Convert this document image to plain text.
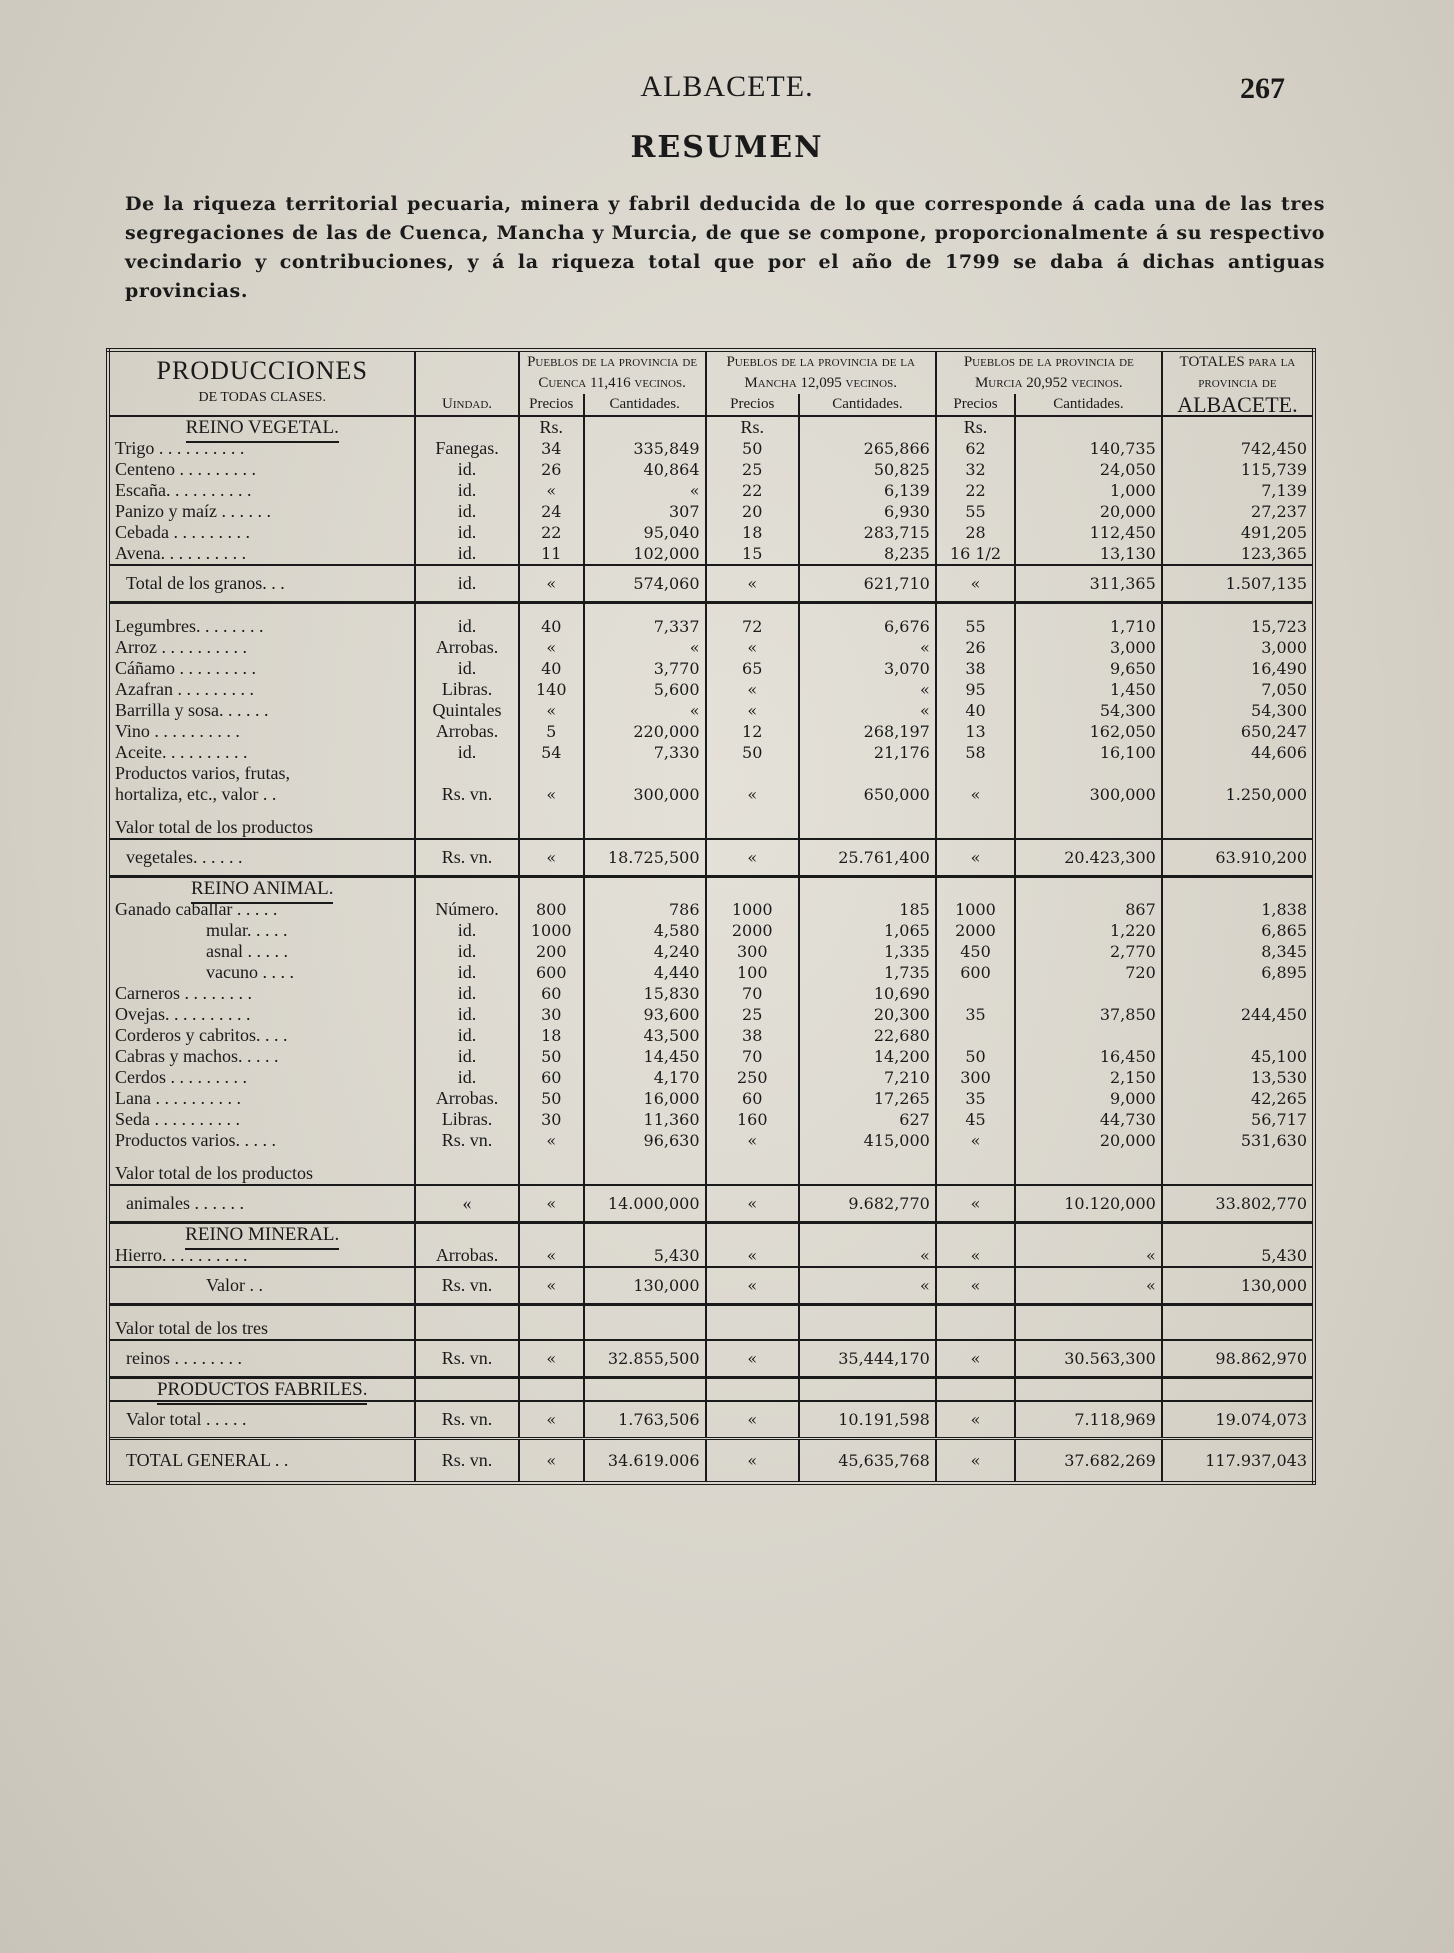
ALBACETE.	267
RESUMEN
De la riqueza territorial pecuaria, minera y fabril deducida de lo que corresponde á cada una de las tres segregaciones de las de Cuenca, Mancha y Murcia, de que se compone, proporcionalmente á su respectivo vecindario y contribuciones, y á la riqueza total que por el año de 1799 se daba á dichas antiguas provincias.
PRODUCCIONES
DE TODAS CLASES.	Uindad.	Pueblos de la provincia de Cuenca 11,416 vecinos.		Pueblos de la provincia de la Mancha 12,095 vecinos.		Pueblos de la provincia de Murcia 20,952 vecinos.		TOTALES para la provincia de
ALBACETE.

		Precios	Cantidades.	Precios	Cantidades.	Precios	Cantidades.	
REINO VEGETAL.		Rs.		Rs.		Rs.		
Trigo . . . . . . . . . .	Fanegas.	34	335,849	50	265,866	62	140,735	742,450
Centeno . . . . . . . . .	id.	26	40,864	25	50,825	32	24,050	115,739
Escaña. . . . . . . . . .	id.	«	«	22	6,139	22	1,000	7,139
Panizo y maíz . . . . . .	id.	24	307	20	6,930	55	20,000	27,237
Cebada . . . . . . . . .	id.	22	95,040	18	283,715	28	112,450	491,205
Avena. . . . . . . . . .	id.	11	102,000	15	8,235	16 1/2	13,130	123,365
Total de los granos. . .	id.	«	574,060	«	621,710	«	311,365	1.507,135

Legumbres. . . . . . . .	id.	40	7,337	72	6,676	55	1,710	15,723
Arroz . . . . . . . . . .	Arrobas.	«	«	«	«	26	3,000	3,000
Cáñamo . . . . . . . . .	id.	40	3,770	65	3,070	38	9,650	16,490
Azafran . . . . . . . . .	Libras.	140	5,600	«	«	95	1,450	7,050
Barrilla y sosa. . . . . .	Quintales	«	«	«	«	40	54,300	54,300
Vino . . . . . . . . . .	Arrobas.	5	220,000	12	268,197	13	162,050	650,247
Aceite. . . . . . . . . .	id.	54	7,330	50	21,176	58	16,100	44,606
Productos varios, frutas,								
hortaliza, etc., valor . .	Rs. vn.	«	300,000	«	650,000	«	300,000	1.250,000

Valor total de los productos								
vegetales. . . . . .	Rs. vn.	«	18.725,500	«	25.761,400	«	20.423,300	63.910,200
REINO ANIMAL.								
Ganado caballar . . . . .	Número.	800	786	1000	185	1000	867	1,838
mular. . . . .	id.	1000	4,580	2000	1,065	2000	1,220	6,865
asnal . . . . .	id.	200	4,240	300	1,335	450	2,770	8,345
vacuno . . . .	id.	600	4,440	100	1,735	600	720	6,895
Carneros . . . . . . . .	id.	60	15,830	70	10,690			
Ovejas. . . . . . . . . .	id.	30	93,600	25	20,300	35	37,850	244,450
Corderos y cabritos. . . .	id.	18	43,500	38	22,680			
Cabras y machos. . . . .	id.	50	14,450	70	14,200	50	16,450	45,100
Cerdos . . . . . . . . .	id.	60	4,170	250	7,210	300	2,150	13,530
Lana . . . . . . . . . .	Arrobas.	50	16,000	60	17,265	35	9,000	42,265
Seda . . . . . . . . . .	Libras.	30	11,360	160	627	45	44,730	56,717
Productos varios. . . . .	Rs. vn.	«	96,630	«	415,000	«	20,000	531,630

Valor total de los productos								
animales . . . . . .	«	«	14.000,000	«	9.682,770	«	10.120,000	33.802,770
REINO MINERAL.								
Hierro. . . . . . . . . .	Arrobas.	«	5,430	«	«	«	«	5,430
Valor . .	Rs. vn.	«	130,000	«	«	«	«	130,000

Valor total de los tres								
reinos . . . . . . . .	Rs. vn.	«	32.855,500	«	35,444,170	«	30.563,300	98.862,970
PRODUCTOS FABRILES.								
Valor total . . . . .	Rs. vn.	«	1.763,506	«	10.191,598	«	7.118,969	19.074,073
TOTAL GENERAL . .	Rs. vn.	«	34.619.006	«	45,635,768	«	37.682,269	117.937,043
